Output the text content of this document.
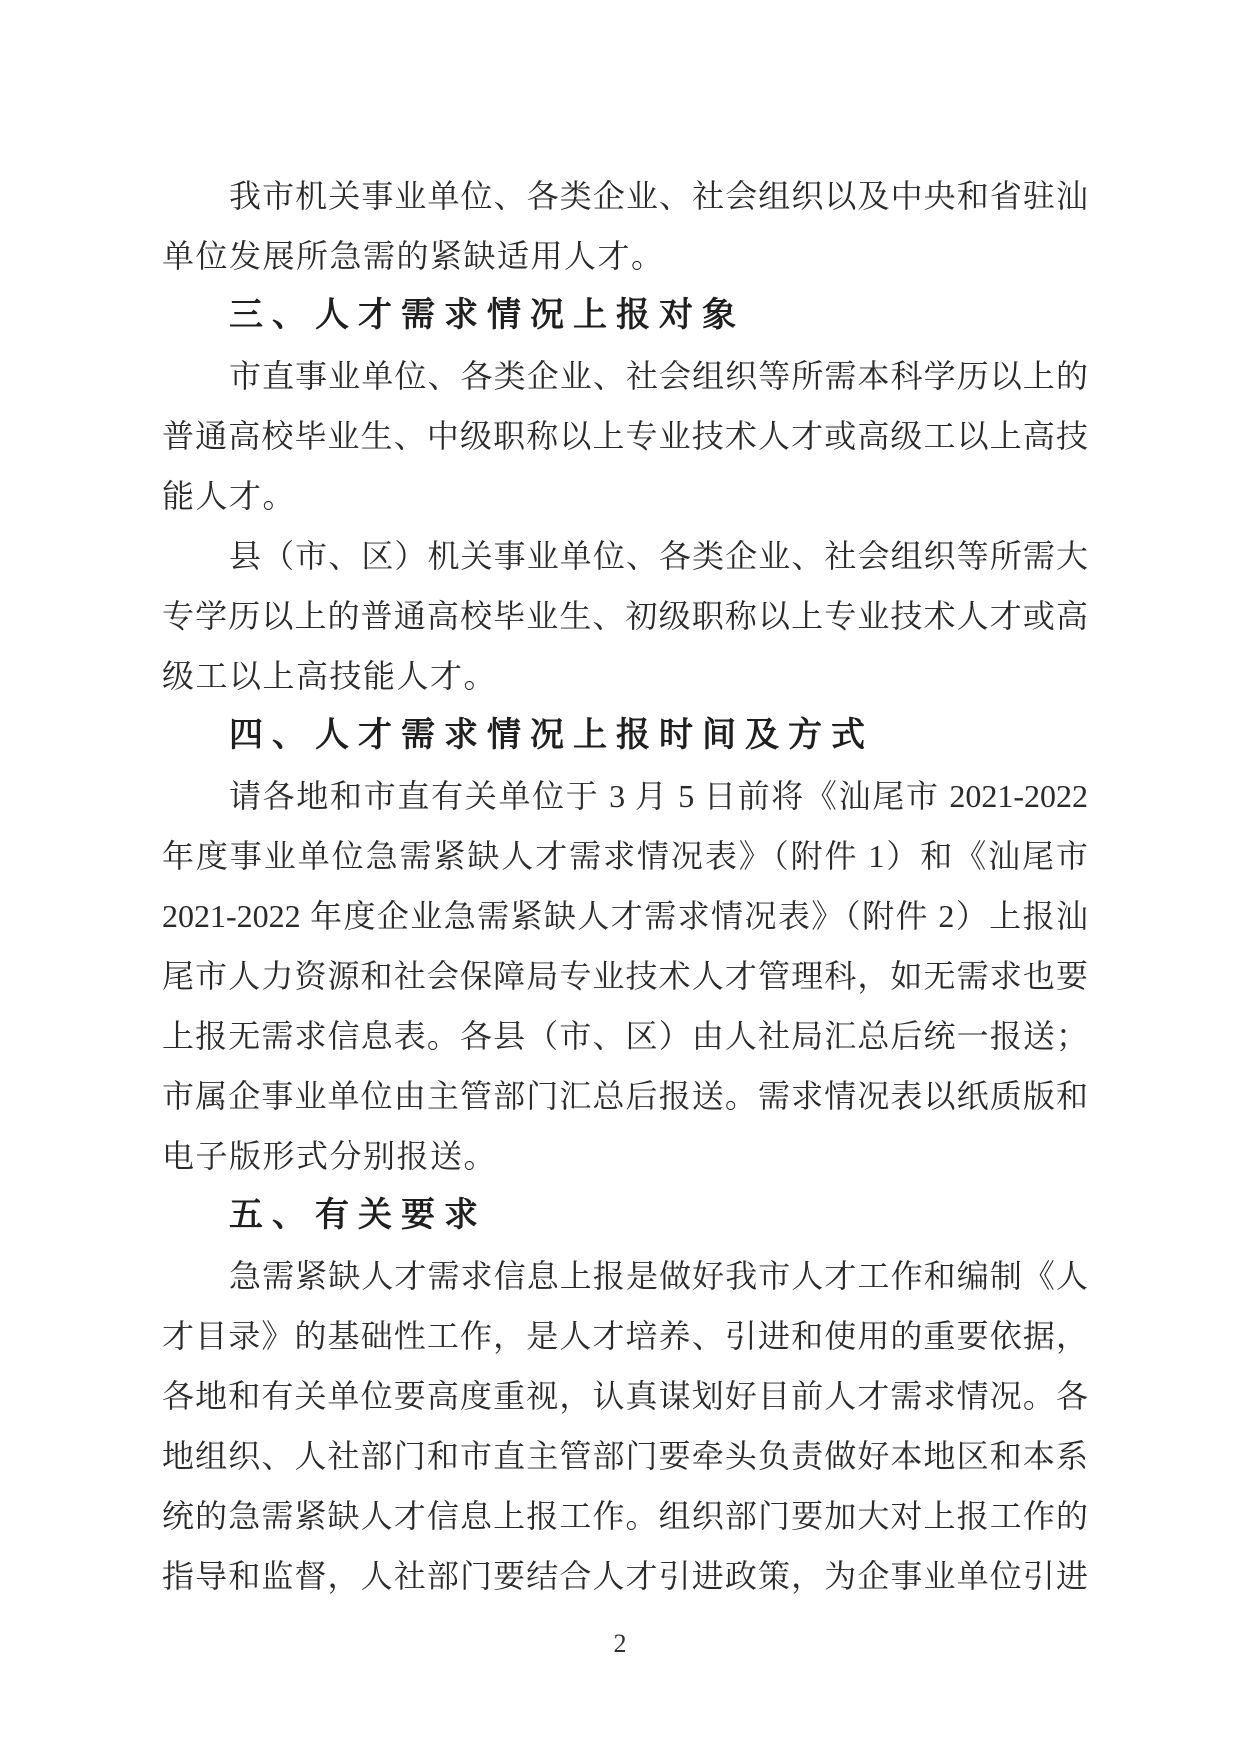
我市机关事业单位、各类企业、社会组织以及中央和省驻汕
单位发展所急需的紧缺适用人才。
三、人才需求情况上报对象
市直事业单位、各类企业、社会组织等所需本科学历以上的
普通高校毕业生、中级职称以上专业技术人才或高级工以上高技
能人才。
县（市、区）机关事业单位、各类企业、社会组织等所需大
专学历以上的普通高校毕业生、初级职称以上专业技术人才或高
级工以上高技能人才。
四、人才需求情况上报时间及方式
请各地和市直有关单位于 3 月 5 日前将《汕尾市 2021-2022
年度事业单位急需紧缺人才需求情况表》（附件 1）和《汕尾市
2021-2022 年度企业急需紧缺人才需求情况表》（附件 2）上报汕
尾市人力资源和社会保障局专业技术人才管理科，如无需求也要
上报无需求信息表。各县（市、区）由人社局汇总后统一报送；
市属企事业单位由主管部门汇总后报送。需求情况表以纸质版和
电子版形式分别报送。
五、有关要求
急需紧缺人才需求信息上报是做好我市人才工作和编制《人
才目录》的基础性工作，是人才培养、引进和使用的重要依据，
各地和有关单位要高度重视，认真谋划好目前人才需求情况。各
地组织、人社部门和市直主管部门要牵头负责做好本地区和本系
统的急需紧缺人才信息上报工作。组织部门要加大对上报工作的
指导和监督，人社部门要结合人才引进政策，为企事业单位引进
2
